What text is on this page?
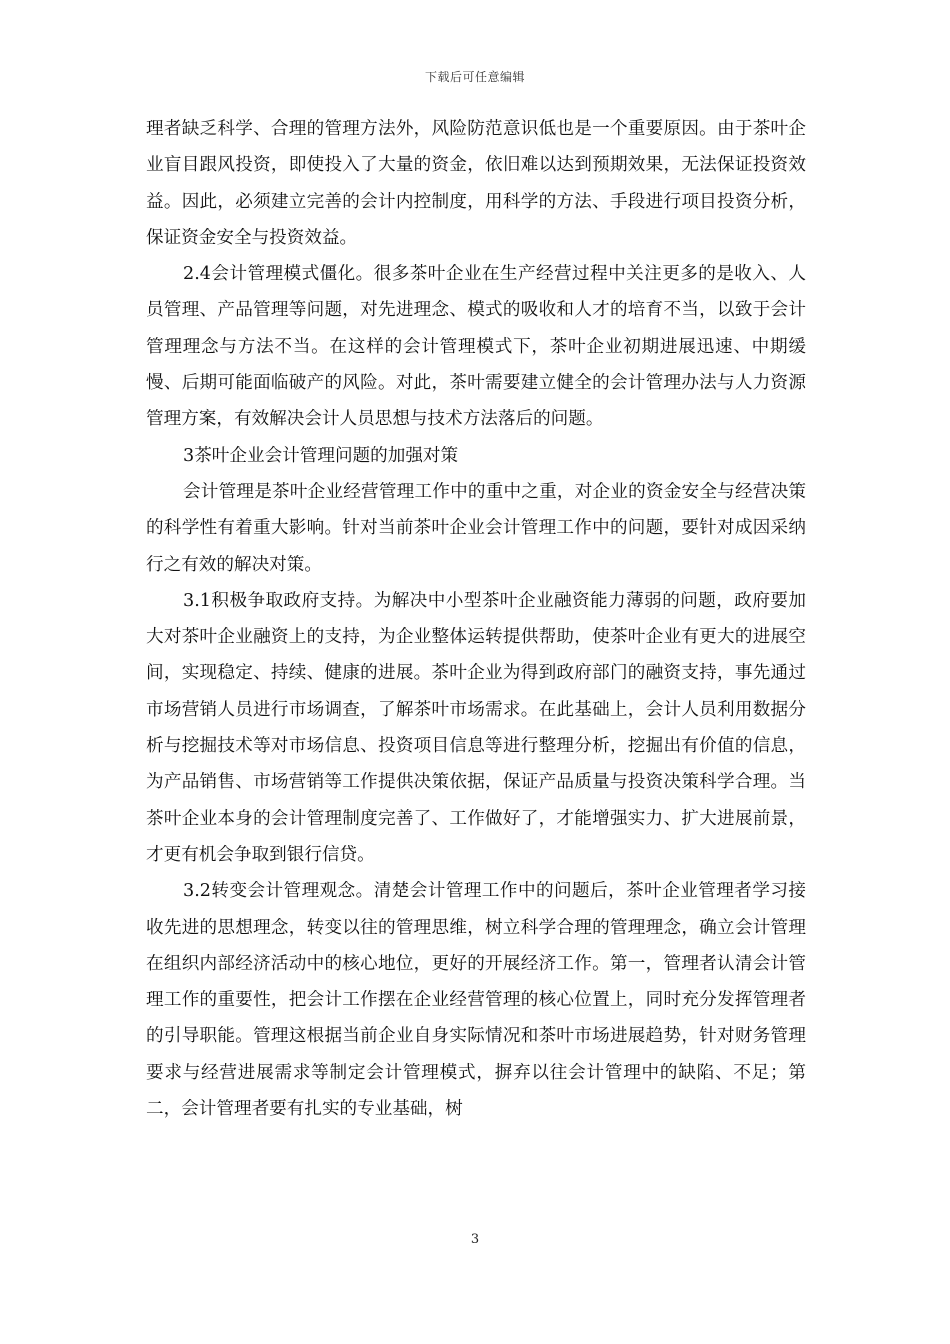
下载后可任意编辑

理者缺乏科学、合理的管理方法外，风险防范意识低也是一个重要原因。由于茶叶企业盲目跟风投资，即使投入了大量的资金，依旧难以达到预期效果，无法保证投资效益。因此，必须建立完善的会计内控制度，用科学的方法、手段进行项目投资分析，保证资金安全与投资效益。

2.4会计管理模式僵化。很多茶叶企业在生产经营过程中关注更多的是收入、人员管理、产品管理等问题，对先进理念、模式的吸收和人才的培育不当，以致于会计管理理念与方法不当。在这样的会计管理模式下，茶叶企业初期进展迅速、中期缓慢、后期可能面临破产的风险。对此，茶叶需要建立健全的会计管理办法与人力资源管理方案，有效解决会计人员思想与技术方法落后的问题。

3茶叶企业会计管理问题的加强对策

会计管理是茶叶企业经营管理工作中的重中之重，对企业的资金安全与经营决策的科学性有着重大影响。针对当前茶叶企业会计管理工作中的问题，要针对成因采纳行之有效的解决对策。

3.1积极争取政府支持。为解决中小型茶叶企业融资能力薄弱的问题，政府要加大对茶叶企业融资上的支持，为企业整体运转提供帮助，使茶叶企业有更大的进展空间，实现稳定、持续、健康的进展。茶叶企业为得到政府部门的融资支持，事先通过市场营销人员进行市场调查，了解茶叶市场需求。在此基础上，会计人员利用数据分析与挖掘技术等对市场信息、投资项目信息等进行整理分析，挖掘出有价值的信息，为产品销售、市场营销等工作提供决策依据，保证产品质量与投资决策科学合理。当茶叶企业本身的会计管理制度完善了、工作做好了，才能增强实力、扩大进展前景，才更有机会争取到银行信贷。

3.2转变会计管理观念。清楚会计管理工作中的问题后，茶叶企业管理者学习接收先进的思想理念，转变以往的管理思维，树立科学合理的管理理念，确立会计管理在组织内部经济活动中的核心地位，更好的开展经济工作。第一，管理者认清会计管理工作的重要性，把会计工作摆在企业经营管理的核心位置上，同时充分发挥管理者的引导职能。管理这根据当前企业自身实际情况和茶叶市场进展趋势，针对财务管理要求与经营进展需求等制定会计管理模式，摒弃以往会计管理中的缺陷、不足；第二，会计管理者要有扎实的专业基础，树

3
